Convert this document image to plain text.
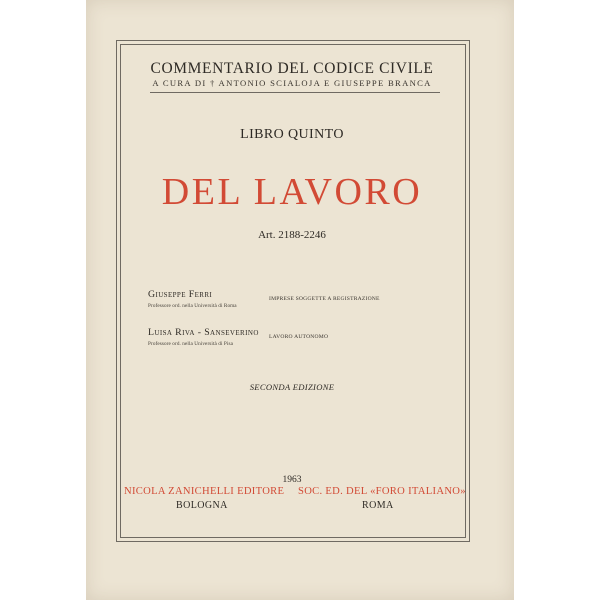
COMMENTARIO DEL CODICE CIVILE
A CURA DI † ANTONIO SCIALOJA E GIUSEPPE BRANCA
LIBRO QUINTO
DEL LAVORO
Art. 2188-2246
Giuseppe Ferri
Professore ord. nella Università di Roma
IMPRESE SOGGETTE A REGISTRAZIONE
Luisa Riva - Sanseverino
Professore ord. nella Università di Pisa
LAVORO AUTONOMO
SECONDA EDIZIONE
1963
NICOLA ZANICHELLI EDITORE SOC. ED. DEL «FORO ITALIANO»
BOLOGNA	ROMA
